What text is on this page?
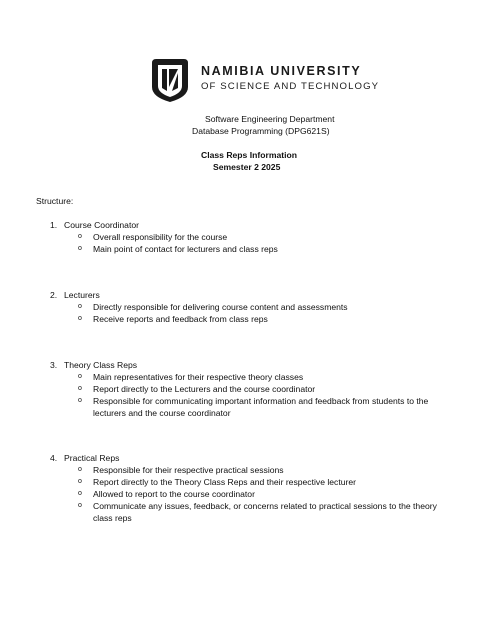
NAMIBIA UNIVERSITY
OF SCIENCE AND TECHNOLOGY
Software Engineering Department
Database Programming (DPG621S)
Class Reps Information
Semester 2 2025
Structure:
1. Course Coordinator
o Overall responsibility for the course
o Main point of contact for lecturers and class reps
2. Lecturers
o Directly responsible for delivering course content and assessments
o Receive reports and feedback from class reps
3. Theory Class Reps
o Main representatives for their respective theory classes
o Report directly to the Lecturers and the course coordinator
o Responsible for communicating important information and feedback from students to the lecturers and the course coordinator
4. Practical Reps
o Responsible for their respective practical sessions
o Report directly to the Theory Class Reps and their respective lecturer
o Allowed to report to the course coordinator
o Communicate any issues, feedback, or concerns related to practical sessions to the theory class reps
